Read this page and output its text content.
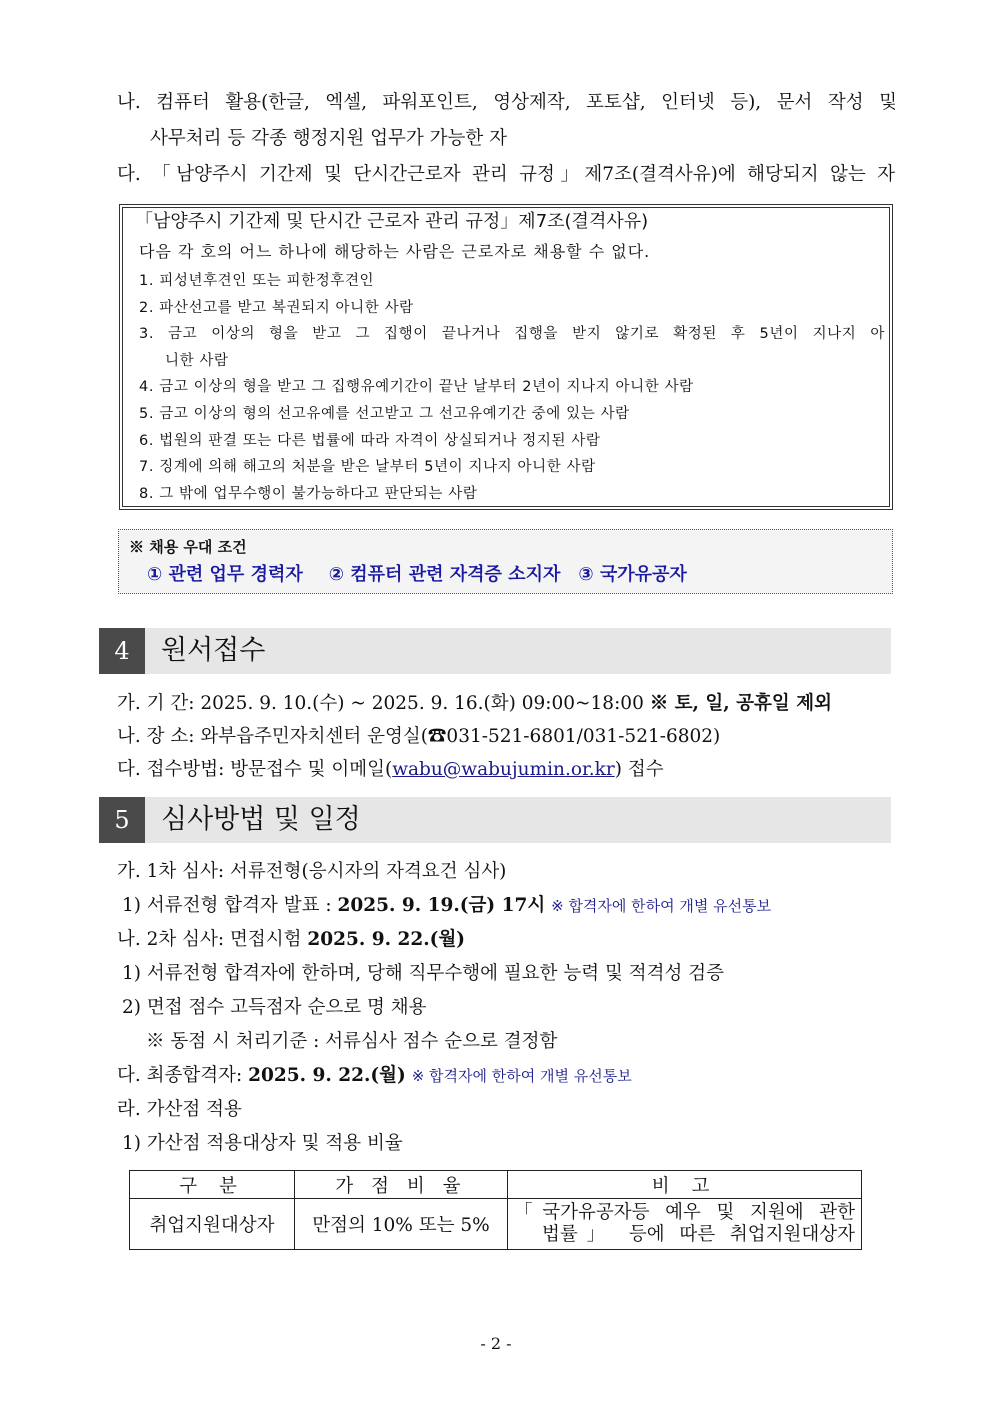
나. 컴퓨터 활용(한글, 엑셀, 파워포인트, 영상제작, 포토샵, 인터넷 등), 문서 작성 및
사무처리 등 각종 행정지원 업무가 가능한 자
다. 「남양주시 기간제 및 단시간근로자 관리 규정」제7조(결격사유)에 해당되지 않는 자
「남양주시 기간제 및 단시간 근로자 관리 규정」제7조(결격사유)
다음 각 호의 어느 하나에 해당하는 사람은 근로자로 채용할 수 없다.
1. 피성년후견인 또는 피한정후견인
2. 파산선고를 받고 복권되지 아니한 사람
3. 금고 이상의 형을 받고 그 집행이 끝나거나 집행을 받지 않기로 확정된 후 5년이 지나지 아
니한 사람
4. 금고 이상의 형을 받고 그 집행유예기간이 끝난 날부터 2년이 지나지 아니한 사람
5. 금고 이상의 형의 선고유예를 선고받고 그 선고유예기간 중에 있는 사람
6. 법원의 판결 또는 다른 법률에 따라 자격이 상실되거나 정지된 사람
7. 징계에 의해 해고의 처분을 받은 날부터 5년이 지나지 아니한 사람
8. 그 밖에 업무수행이 불가능하다고 판단되는 사람
※ 채용 우대 조건
① 관련 업무 경력자 ② 컴퓨터 관련 자격증 소지자 ③ 국가유공자
4	원서접수
가. 기 간: 2025. 9. 10.(수) ~ 2025. 9. 16.(화) 09:00~18:00 ※ 토, 일, 공휴일 제외
나. 장 소: 와부읍주민자치센터 운영실(☎031-521-6801/031-521-6802)
다. 접수방법: 방문접수 및 이메일(wabu@wabujumin.or.kr) 접수
5	심사방법 및 일정
가. 1차 심사: 서류전형(응시자의 자격요건 심사)
1) 서류전형 합격자 발표 : 2025. 9. 19.(금) 17시 ※ 합격자에 한하여 개별 유선통보
나. 2차 심사: 면접시험 2025. 9. 22.(월)
1) 서류전형 합격자에 한하며, 당해 직무수행에 필요한 능력 및 적격성 검증
2) 면접 점수 고득점자 순으로 명 채용
※ 동점 시 처리기준 : 서류심사 점수 순으로 결정함
다. 최종합격자: 2025. 9. 22.(월) ※ 합격자에 한하여 개별 유선통보
라. 가산점 적용
1) 가산점 적용대상자 및 적용 비율
구 분	가 점 비 율	비 고
취업지원대상자	만점의 10% 또는 5%	「국가유공자등 예우 및 지원에 관한
법률」 등에 따른 취업지원대상자
- 2 -
